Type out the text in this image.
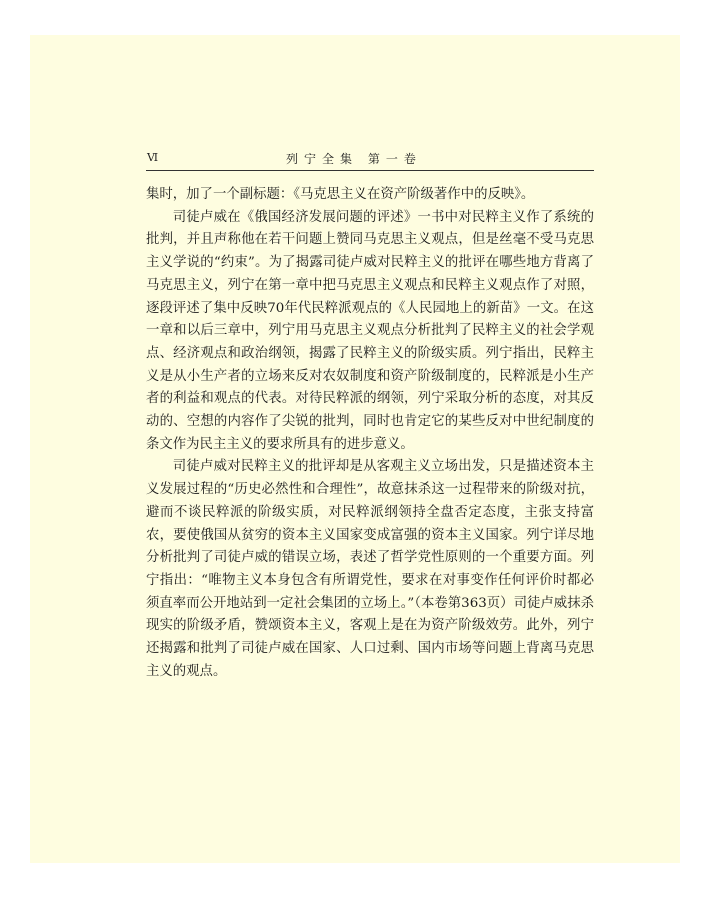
Ⅵ	列宁全集 第一卷

集时，加了一个副标题：《马克思主义在资产阶级著作中的反映》。

司徒卢威在《俄国经济发展问题的评述》一书中对民粹主义作了系统的批判，并且声称他在若干问题上赞同马克思主义观点，但是丝毫不受马克思主义学说的“约束”。为了揭露司徒卢威对民粹主义的批评在哪些地方背离了马克思主义，列宁在第一章中把马克思主义观点和民粹主义观点作了对照，逐段评述了集中反映70年代民粹派观点的《人民园地上的新苗》一文。在这一章和以后三章中，列宁用马克思主义观点分析批判了民粹主义的社会学观点、经济观点和政治纲领，揭露了民粹主义的阶级实质。列宁指出，民粹主义是从小生产者的立场来反对农奴制度和资产阶级制度的，民粹派是小生产者的利益和观点的代表。对待民粹派的纲领，列宁采取分析的态度，对其反动的、空想的内容作了尖锐的批判，同时也肯定它的某些反对中世纪制度的条文作为民主主义的要求所具有的进步意义。

司徒卢威对民粹主义的批评却是从客观主义立场出发，只是描述资本主义发展过程的“历史必然性和合理性”，故意抹杀这一过程带来的阶级对抗，避而不谈民粹派的阶级实质，对民粹派纲领持全盘否定态度，主张支持富农，要使俄国从贫穷的资本主义国家变成富强的资本主义国家。列宁详尽地分析批判了司徒卢威的错误立场，表述了哲学党性原则的一个重要方面。列宁指出：“唯物主义本身包含有所谓党性，要求在对事变作任何评价时都必须直率而公开地站到一定社会集团的立场上。”（本卷第363页）司徒卢威抹杀现实的阶级矛盾，赞颂资本主义，客观上是在为资产阶级效劳。此外，列宁还揭露和批判了司徒卢威在国家、人口过剩、国内市场等问题上背离马克思主义的观点。
